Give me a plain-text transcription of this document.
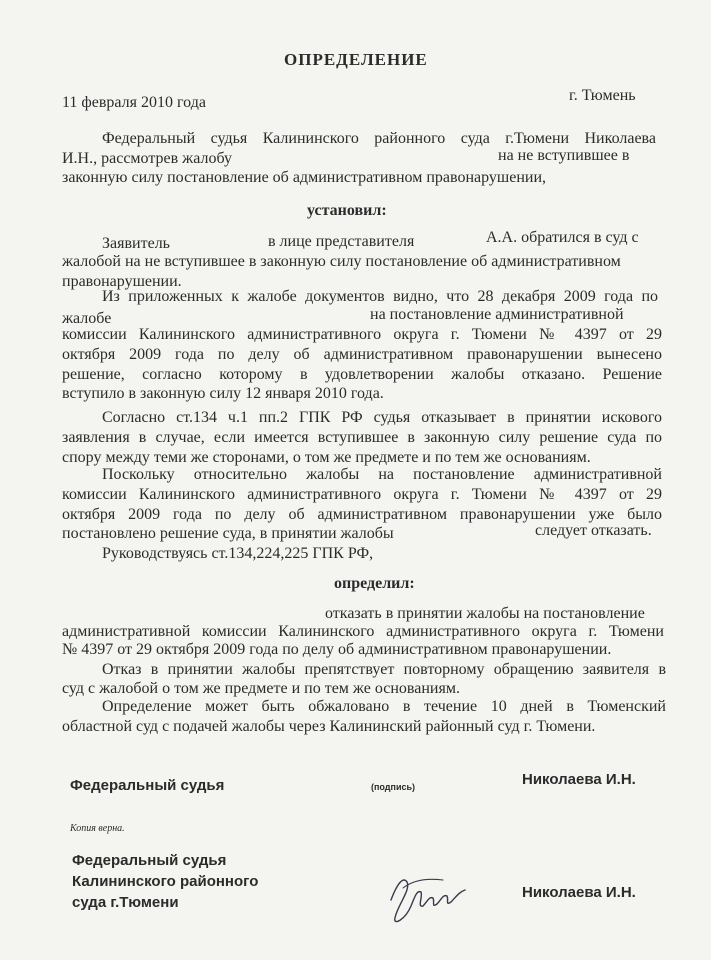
ОПРЕДЕЛЕНИЕ
11 февраля 2010 года	г. Тюмень
Федеральный судья Калининского районного суда г.Тюмени Николаева
И.Н., рассмотрев жалобу	на не вступившее в
законную силу постановление об административном правонарушении,
установил:
Заявитель	в лице представителя	А.А. обратился в суд с
жалобой на не вступившее в законную силу постановление об административном
правонарушении.
Из приложенных к жалобе документов видно, что 28 декабря 2009 года по
жалобе	на постановление административной
комиссии Калининского административного округа г. Тюмени № 4397 от 29
октября 2009 года по делу об административном правонарушении вынесено
решение, согласно которому в удовлетворении жалобы отказано. Решение
вступило в законную силу 12 января 2010 года.
Согласно ст.134 ч.1 пп.2 ГПК РФ судья отказывает в принятии искового
заявления в случае, если имеется вступившее в законную силу решение суда по
спору между теми же сторонами, о том же предмете и по тем же основаниям.
Поскольку относительно жалобы на постановление административной
комиссии Калининского административного округа г. Тюмени № 4397 от 29
октября 2009 года по делу об административном правонарушении уже было
постановлено решение суда, в принятии жалобы	следует отказать.
Руководствуясь ст.134,224,225 ГПК РФ,
определил:
отказать в принятии жалобы на постановление
административной комиссии Калининского административного округа г. Тюмени
№ 4397 от 29 октября 2009 года по делу об административном правонарушении.
Отказ в принятии жалобы препятствует повторному обращению заявителя в
суд с жалобой о том же предмете и по тем же основаниям.
Определение может быть обжаловано в течение 10 дней в Тюменский
областной суд с подачей жалобы через Калининский районный суд г. Тюмени.
Федеральный судья	(подпись)	Николаева И.Н.
Копия верна.
Федеральный судья
Калининского районного
суда г.Тюмени
Николаева И.Н.
